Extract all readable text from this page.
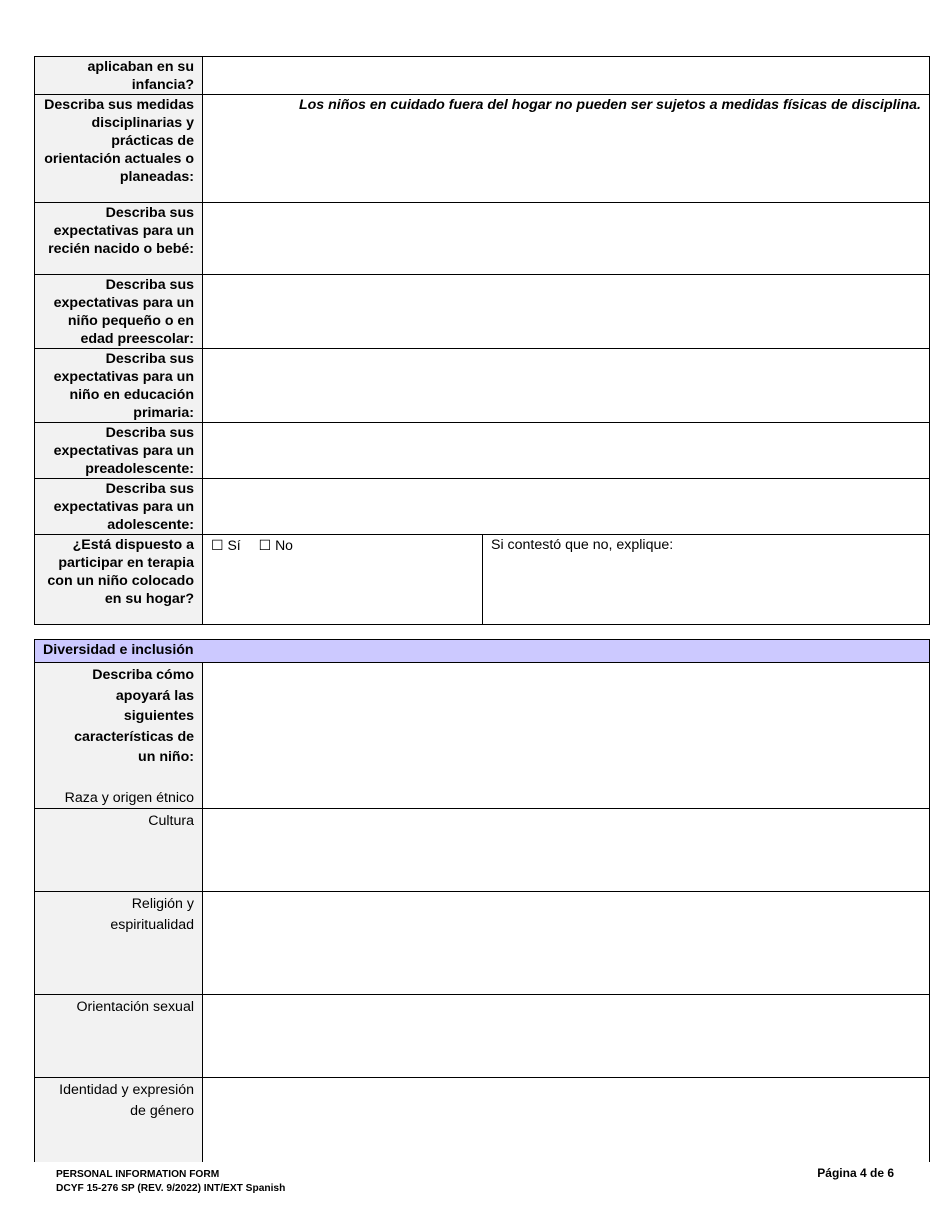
aplicaban en su infancia?		

Describa sus medidas disciplinarias y prácticas de orientación actuales o planeadas:	Los niños en cuidado fuera del hogar no pueden ser sujetos a medidas físicas de disciplina.	

Describa sus expectativas para un recién nacido o bebé:		

Describa sus expectativas para un niño pequeño o en edad preescolar:		

Describa sus expectativas para un niño en educación primaria:		

Describa sus expectativas para un preadolescente:		

Describa sus expectativas para un adolescente:		

¿Está dispuesto a participar en terapia con un niño colocado en su hogar?	☐ Sí ☐ No	Si contestó que no, explique:
Diversidad e inclusión	

Describa cómo apoyará las siguientes características de un niño:
Raza y origen étnico	

Cultura	

Religión y espiritualidad	

Orientación sexual	

Identidad y expresión de género	

PERSONAL INFORMATION FORM
DCYF 15-276 SP (REV. 9/2022) INT/EXT Spanish
Página 4 de 6
